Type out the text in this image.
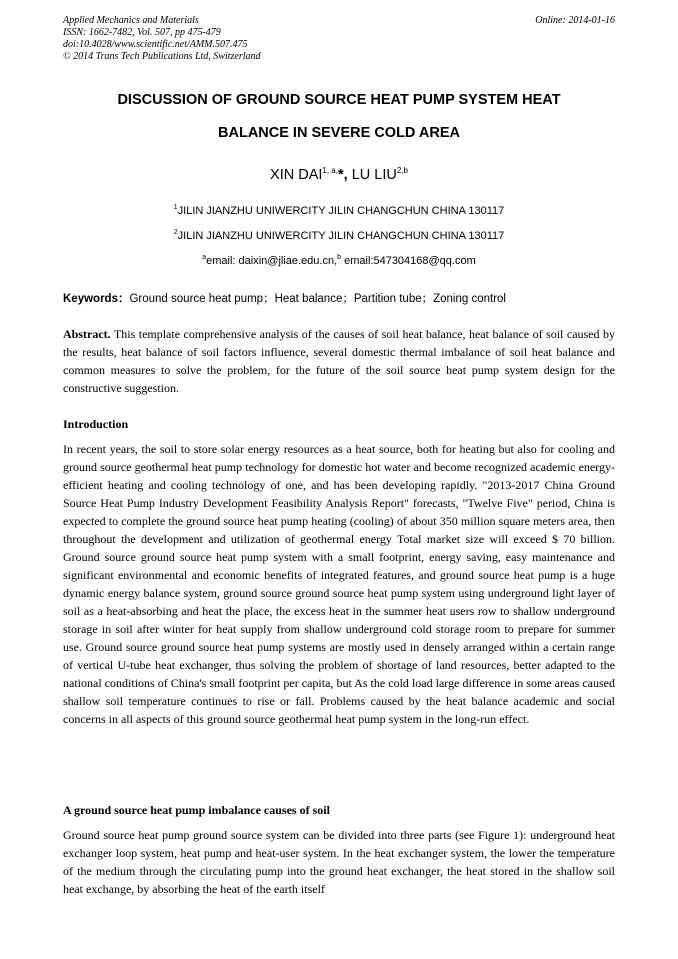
Applied Mechanics and Materials
ISSN: 1662-7482, Vol. 507, pp 475-479
doi:10.4028/www.scientific.net/AMM.507.475
© 2014 Trans Tech Publications Ltd, Switzerland
Online: 2014-01-16
DISCUSSION OF GROUND SOURCE HEAT PUMP SYSTEM HEAT
BALANCE IN SEVERE COLD AREA
XIN $DAI^{1, a,}*$, LU LIU$^{2,b}$
$^1$JILIN JIANZHU UNIWERCITY JILIN CHANGCHUN CHINA 130117
$^2$JILIN JIANZHU UNIWERCITY JILIN CHANGCHUN CHINA 130117
$^a$email: daixin@jliae.edu.cn,$^b$ email:547304168@qq.com
Keywords：Ground source heat pump；Heat balance；Partition tube；Zoning control
Abstract. This template comprehensive analysis of the causes of soil heat balance, heat balance of soil caused by the results, heat balance of soil factors influence, several domestic thermal imbalance of soil heat balance and common measures to solve the problem, for the future of the soil source heat pump system design for the constructive suggestion.
Introduction
In recent years, the soil to store solar energy resources as a heat source, both for heating but also for cooling and ground source geothermal heat pump technology for domestic hot water and become recognized academic energy-efficient heating and cooling technology of one, and has been developing rapidly. "2013-2017 China Ground Source Heat Pump Industry Development Feasibility Analysis Report" forecasts, "Twelve Five" period, China is expected to complete the ground source heat pump heating (cooling) of about 350 million square meters area, then throughout the development and utilization of geothermal energy Total market size will exceed $ 70 billion. Ground source ground source heat pump system with a small footprint, energy saving, easy maintenance and significant environmental and economic benefits of integrated features, and ground source heat pump is a huge dynamic energy balance system, ground source ground source heat pump system using underground light layer of soil as a heat-absorbing and heat the place, the excess heat in the summer heat users row to shallow underground storage in soil after winter for heat supply from shallow underground cold storage room to prepare for summer use. Ground source ground source heat pump systems are mostly used in densely arranged within a certain range of vertical U-tube heat exchanger, thus solving the problem of shortage of land resources, better adapted to the national conditions of China's small footprint per capita, but As the cold load large difference in some areas caused shallow soil temperature continues to rise or fall. Problems caused by the heat balance academic and social concerns in all aspects of this ground source geothermal heat pump system in the long-run effect.
A ground source heat pump imbalance causes of soil
Ground source heat pump ground source system can be divided into three parts (see Figure 1): underground heat exchanger loop system, heat pump and heat-user system. In the heat exchanger system, the lower the temperature of the medium through the circulating pump into the ground heat exchanger, the heat stored in the shallow soil heat exchange, by absorbing the heat of the earth itself
